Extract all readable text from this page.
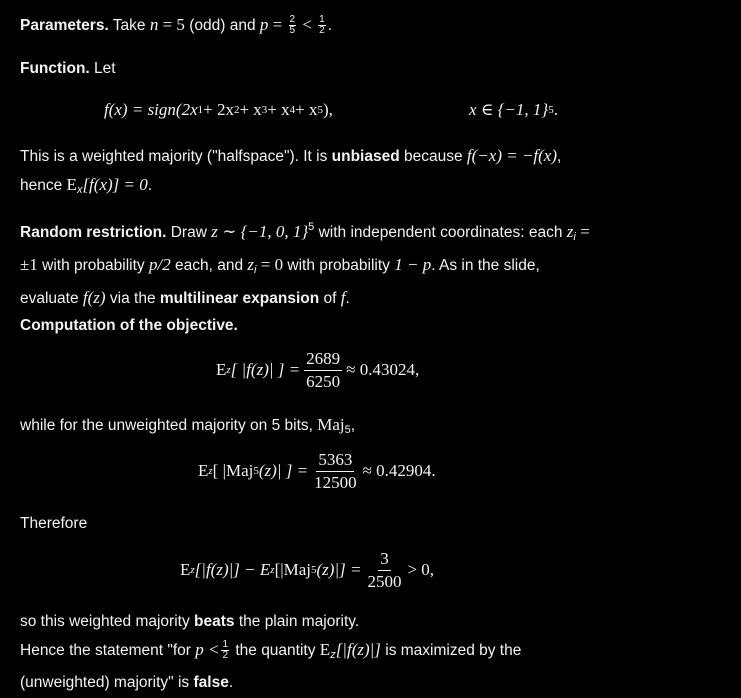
Parameters. Take n = 5 (odd) and $p = \frac{2}{5} < \frac{1}{2}$ .

Function. Let

f(x) = sign(2x 1 + 2x 2 + x 3 + x 4 + x 5 ),	x ∈ {−1, 1} 5 .

This is a weighted majority ("halfspace"). It is unbiased because f(−x) = −f(x),

hence $E_x[f(x)] = 0$.

Random restriction. Draw z ∼ {−1, 0, 1}$^5$ with independent coordinates: each $z_i$ =

±1 with probability p/2 each, and $z_i = 0$ with probability 1 − p. As in the slide,

evaluate f(z) via the multilinear expansion of f.

Computation of the objective.

E z [ |f(z)| ] = $\frac{2689}{6250} \approx 0.43024$,

while for the unweighted majority on 5 bits, Maj$_5$,

E z [ |Maj 5 (z)| ] = $\frac{5363}{12500} \approx 0.42904$.

Therefore

E z [|f(z)|] − E z [|Maj 5 $(z)|] = \frac{3}{2500} > 0$,

so this weighted majority beats the plain majority.

Hence the statement "for $p < \frac{1}{2}$ the quantity $E_z[|f(z)|]$ is maximized by the

(unweighted) majority" is false.
